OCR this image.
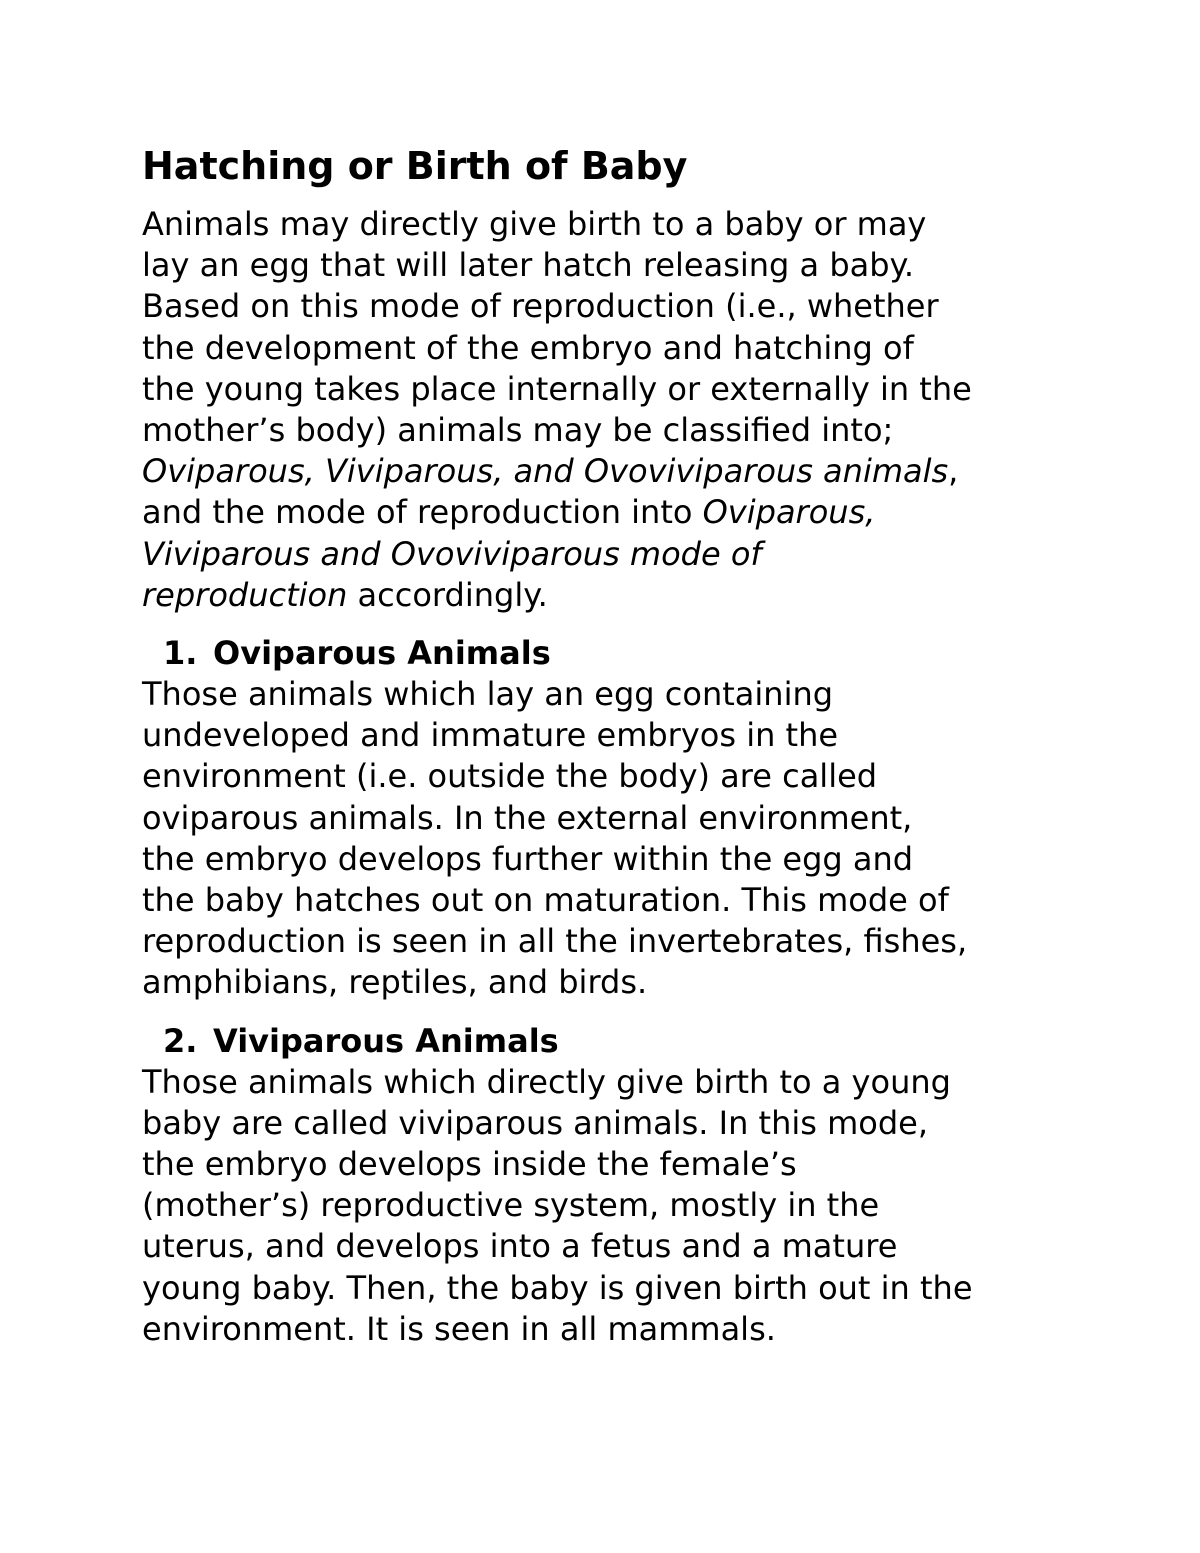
Hatching or Birth of Baby

Animals may directly give birth to a baby or may
lay an egg that will later hatch releasing a baby.
Based on this mode of reproduction (i.e., whether
the development of the embryo and hatching of
the young takes place internally or externally in the
mother’s body) animals may be classified into;
Oviparous, Viviparous, and Ovoviviparous animals,
and the mode of reproduction into Oviparous,
Viviparous and Ovoviviparous mode of
reproduction accordingly.

1. Oviparous Animals

Those animals which lay an egg containing
undeveloped and immature embryos in the
environment (i.e. outside the body) are called
oviparous animals. In the external environment,
the embryo develops further within the egg and
the baby hatches out on maturation. This mode of
reproduction is seen in all the invertebrates, fishes,
amphibians, reptiles, and birds.

2. Viviparous Animals

Those animals which directly give birth to a young
baby are called viviparous animals. In this mode,
the embryo develops inside the female’s
(mother’s) reproductive system, mostly in the
uterus, and develops into a fetus and a mature
young baby. Then, the baby is given birth out in the
environment. It is seen in all mammals.
